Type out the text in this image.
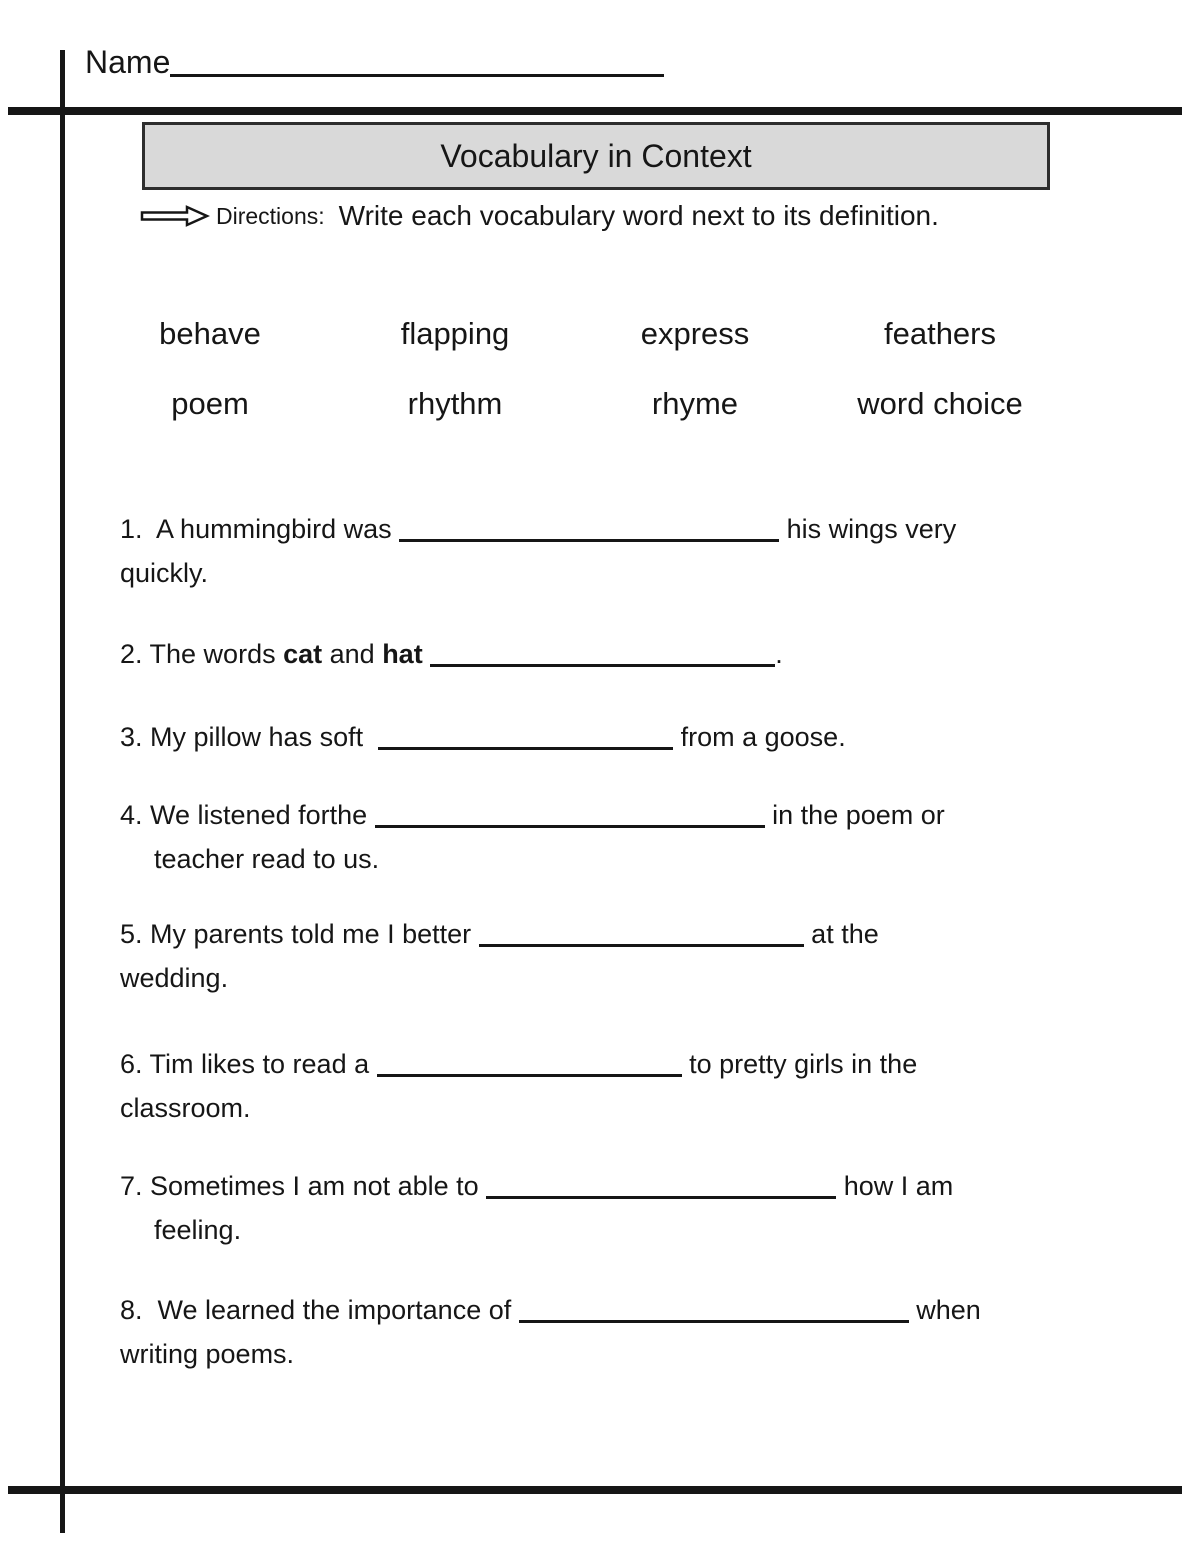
Name
Vocabulary in Context
Directions: Write each vocabulary word next to its definition.
behave	flapping	express	feathers
poem	rhythm	rhyme	word choice
1.  A hummingbird was	his wings very
quickly.
2. The words cat and hat	.
3. My pillow has soft	from a goose.
4. We listened forthe	in the poem or
teacher read to us.
5. My parents told me I better	at the
wedding.
6. Tim likes to read a	to pretty girls in the
classroom.
7. Sometimes I am not able to	how I am
feeling.
8.  We learned the importance of	when
writing poems.
